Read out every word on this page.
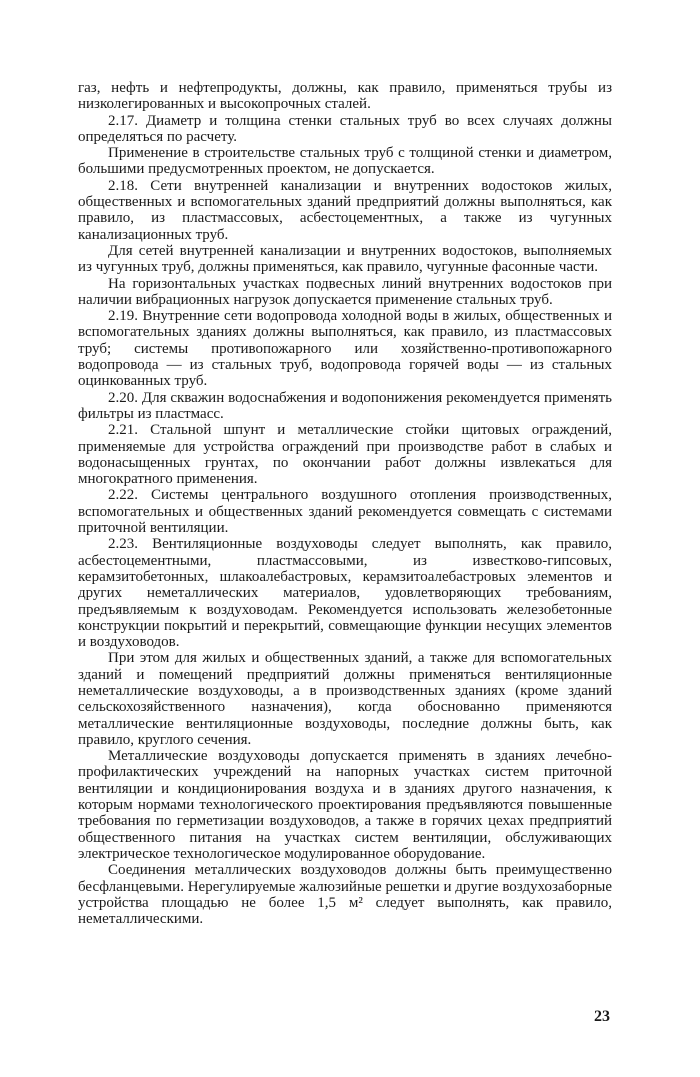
газ, нефть и нефтепродукты, должны, как правило, применяться трубы из низколегированных и высокопрочных сталей.

2.17. Диаметр и толщина стенки стальных труб во всех случаях должны определяться по расчету.

Применение в строительстве стальных труб с толщиной стенки и диаметром, большими предусмотренных проектом, не допускается.

2.18. Сети внутренней канализации и внутренних водостоков жилых, общественных и вспомогательных зданий предприятий должны выполняться, как правило, из пластмассовых, асбестоцементных, а также из чугунных канализационных труб.

Для сетей внутренней канализации и внутренних водостоков, выполняемых из чугунных труб, должны применяться, как правило, чугунные фасонные части.

На горизонтальных участках подвесных линий внутренних водостоков при наличии вибрационных нагрузок допускается применение стальных труб.

2.19. Внутренние сети водопровода холодной воды в жилых, общественных и вспомогательных зданиях должны выполняться, как правило, из пластмассовых труб; системы противопожарного или хозяйственно-противопожарного водопровода — из стальных труб, водопровода горячей воды — из стальных оцинкованных труб.

2.20. Для скважин водоснабжения и водопонижения рекомендуется применять фильтры из пластмасс.

2.21. Стальной шпунт и металлические стойки щитовых ограждений, применяемые для устройства ограждений при производстве работ в слабых и водонасыщенных грунтах, по окончании работ должны извлекаться для многократного применения.

2.22. Системы центрального воздушного отопления производственных, вспомогательных и общественных зданий рекомендуется совмещать с системами приточной вентиляции.

2.23. Вентиляционные воздуховоды следует выполнять, как правило, асбестоцементными, пластмассовыми, из известково-гипсовых, керамзитобетонных, шлакоалебастровых, керамзитоалебастровых элементов и других неметаллических материалов, удовлетворяющих требованиям, предъявляемым к воздуховодам. Рекомендуется использовать железобетонные конструкции покрытий и перекрытий, совмещающие функции несущих элементов и воздуховодов.

При этом для жилых и общественных зданий, а также для вспомогательных зданий и помещений предприятий должны применяться вентиляционные неметаллические воздуховоды, а в производственных зданиях (кроме зданий сельскохозяйственного назначения), когда обоснованно применяются металлические вентиляционные воздуховоды, последние должны быть, как правило, круглого сечения.

Металлические воздуховоды допускается применять в зданиях лечебно-профилактических учреждений на напорных участках систем приточной вентиляции и кондиционирования воздуха и в зданиях другого назначения, к которым нормами технологического проектирования предъявляются повышенные требования по герметизации воздуховодов, а также в горячих цехах предприятий общественного питания на участках систем вентиляции, обслуживающих электрическое технологическое модулированное оборудование.

Соединения металлических воздуховодов должны быть преимущественно бесфланцевыми. Нерегулируемые жалюзийные решетки и другие воздухозаборные устройства площадью не более 1,5 м² следует выполнять, как правило, неметаллическими.

23
